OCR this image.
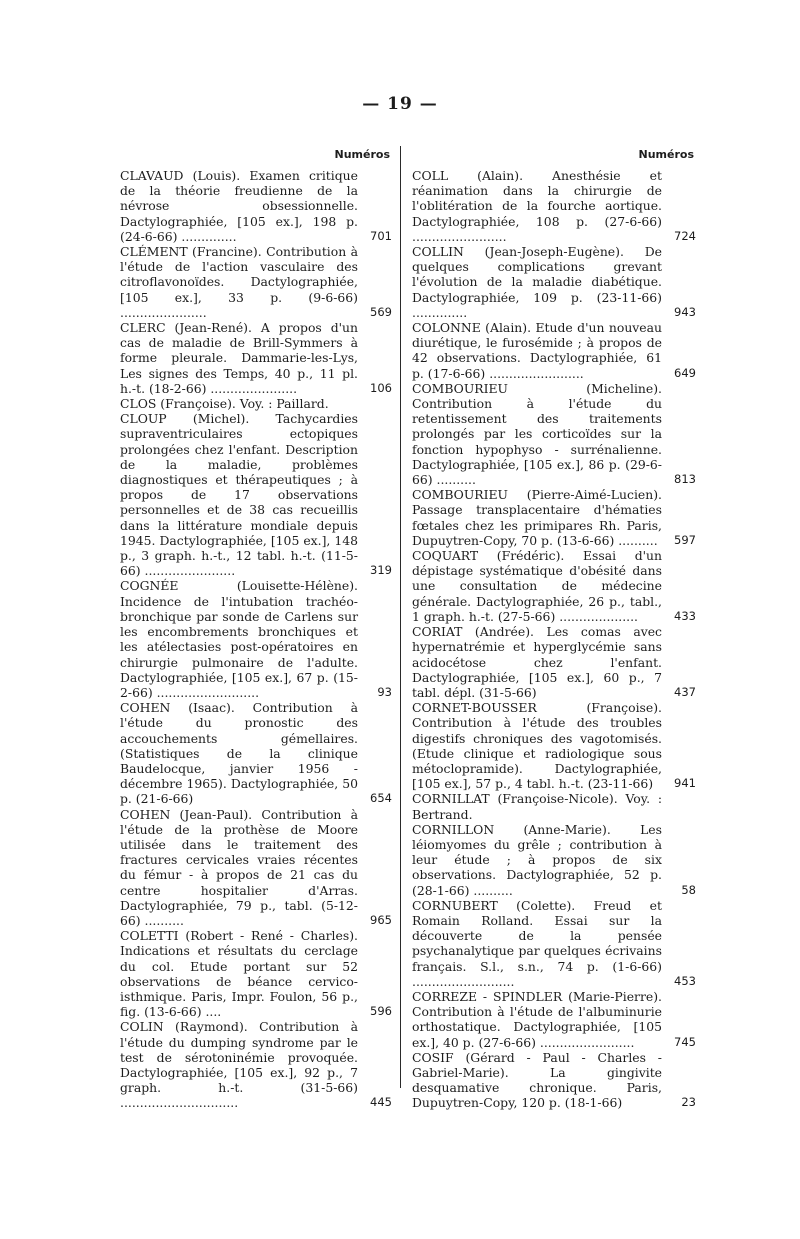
— 19 —
Numéros
CLAVAUD (Louis). Examen critique de la théorie freudienne de la névrose obsessionnelle. Dactylographiée, [105 ex.], 198 p. (24-6-66) ..............	701
CLÉMENT (Francine). Contribution à l'étude de l'action vasculaire des citroflavonoïdes. Dactylographiée, [105 ex.], 33 p. (9-6-66) ......................	569
CLERC (Jean-René). A propos d'un cas de maladie de Brill-Symmers à forme pleurale. Dammarie-les-Lys, Les signes des Temps, 40 p., 11 pl. h.-t. (18-2-66) ......................	106
CLOS (Françoise). Voy. : Paillard.
CLOUP (Michel). Tachycardies supraventriculaires ectopiques prolongées chez l'enfant. Description de la maladie, problèmes diagnostiques et thérapeutiques ; à propos de 17 observations personnelles et de 38 cas recueillis dans la littérature mondiale depuis 1945. Dactylographiée, [105 ex.], 148 p., 3 graph. h.-t., 12 tabl. h.-t. (11-5-66) .......................	319
COGNÉE (Louisette-Hélène). Incidence de l'intubation trachéo-bronchique par sonde de Carlens sur les encombrements bronchiques et les atélectasies post-opératoires en chirurgie pulmonaire de l'adulte. Dactylographiée, [105 ex.], 67 p. (15-2-66) ..........................	93
COHEN (Isaac). Contribution à l'étude du pronostic des accouchements gémellaires. (Statistiques de la clinique Baudelocque, janvier 1956 - décembre 1965). Dactylographiée, 50 p. (21-6-66)	654
COHEN (Jean-Paul). Contribution à l'étude de la prothèse de Moore utilisée dans le traitement des fractures cervicales vraies récentes du fémur - à propos de 21 cas du centre hospitalier d'Arras. Dactylographiée, 79 p., tabl. (5-12-66) ..........	965
COLETTI (Robert - René - Charles). Indications et résultats du cerclage du col. Etude portant sur 52 observations de béance cervico-isthmique. Paris, Impr. Foulon, 56 p., fig. (13-6-66) ....	596
COLIN (Raymond). Contribution à l'étude du dumping syndrome par le test de sérotoninémie provoquée. Dactylographiée, [105 ex.], 92 p., 7 graph. h.-t. (31-5-66) ..............................	445
Numéros
COLL (Alain). Anesthésie et réanimation dans la chirurgie de l'oblitération de la fourche aortique. Dactylographiée, 108 p. (27-6-66) ........................	724
COLLIN (Jean-Joseph-Eugène). De quelques complications grevant l'évolution de la maladie diabétique. Dactylographiée, 109 p. (23-11-66) ..............	943
COLONNE (Alain). Etude d'un nouveau diurétique, le furosémide ; à propos de 42 observations. Dactylographiée, 61 p. (17-6-66) ........................	649
COMBOURIEU (Micheline). Contribution à l'étude du retentissement des traitements prolongés par les corticoïdes sur la fonction hypophyso - surrénalienne. Dactylographiée, [105 ex.], 86 p. (29-6-66) ..........	813
COMBOURIEU (Pierre-Aimé-Lucien). Passage transplacentaire d'hématies fœtales chez les primipares Rh. Paris, Dupuytren-Copy, 70 p. (13-6-66) ..........	597
COQUART (Frédéric). Essai d'un dépistage systématique d'obésité dans une consultation de médecine générale. Dactylographiée, 26 p., tabl., 1 graph. h.-t. (27-5-66) ....................	433
CORIAT (Andrée). Les comas avec hypernatrémie et hyperglycémie sans acidocétose chez l'enfant. Dactylographiée, [105 ex.], 60 p., 7 tabl. dépl. (31-5-66)	437
CORNET-BOUSSER (Françoise). Contribution à l'étude des troubles digestifs chroniques des vagotomisés. (Etude clinique et radiologique sous métoclopramide). Dactylographiée, [105 ex.], 57 p., 4 tabl. h.-t. (23-11-66)	941
CORNILLAT (Françoise-Nicole). Voy. : Bertrand.
CORNILLON (Anne-Marie). Les léiomyomes du grêle ; contribution à leur étude ; à propos de six observations. Dactylographiée, 52 p. (28-1-66) ..........	58
CORNUBERT (Colette). Freud et Romain Rolland. Essai sur la découverte de la pensée psychanalytique par quelques écrivains français. S.l., s.n., 74 p. (1-6-66) ..........................	453
CORREZE - SPINDLER (Marie-Pierre). Contribution à l'étude de l'albuminurie orthostatique. Dactylographiée, [105 ex.], 40 p. (27-6-66) ........................	745
COSIF (Gérard - Paul - Charles - Gabriel-Marie). La gingivite desquamative chronique. Paris, Dupuytren-Copy, 120 p. (18-1-66)	23
